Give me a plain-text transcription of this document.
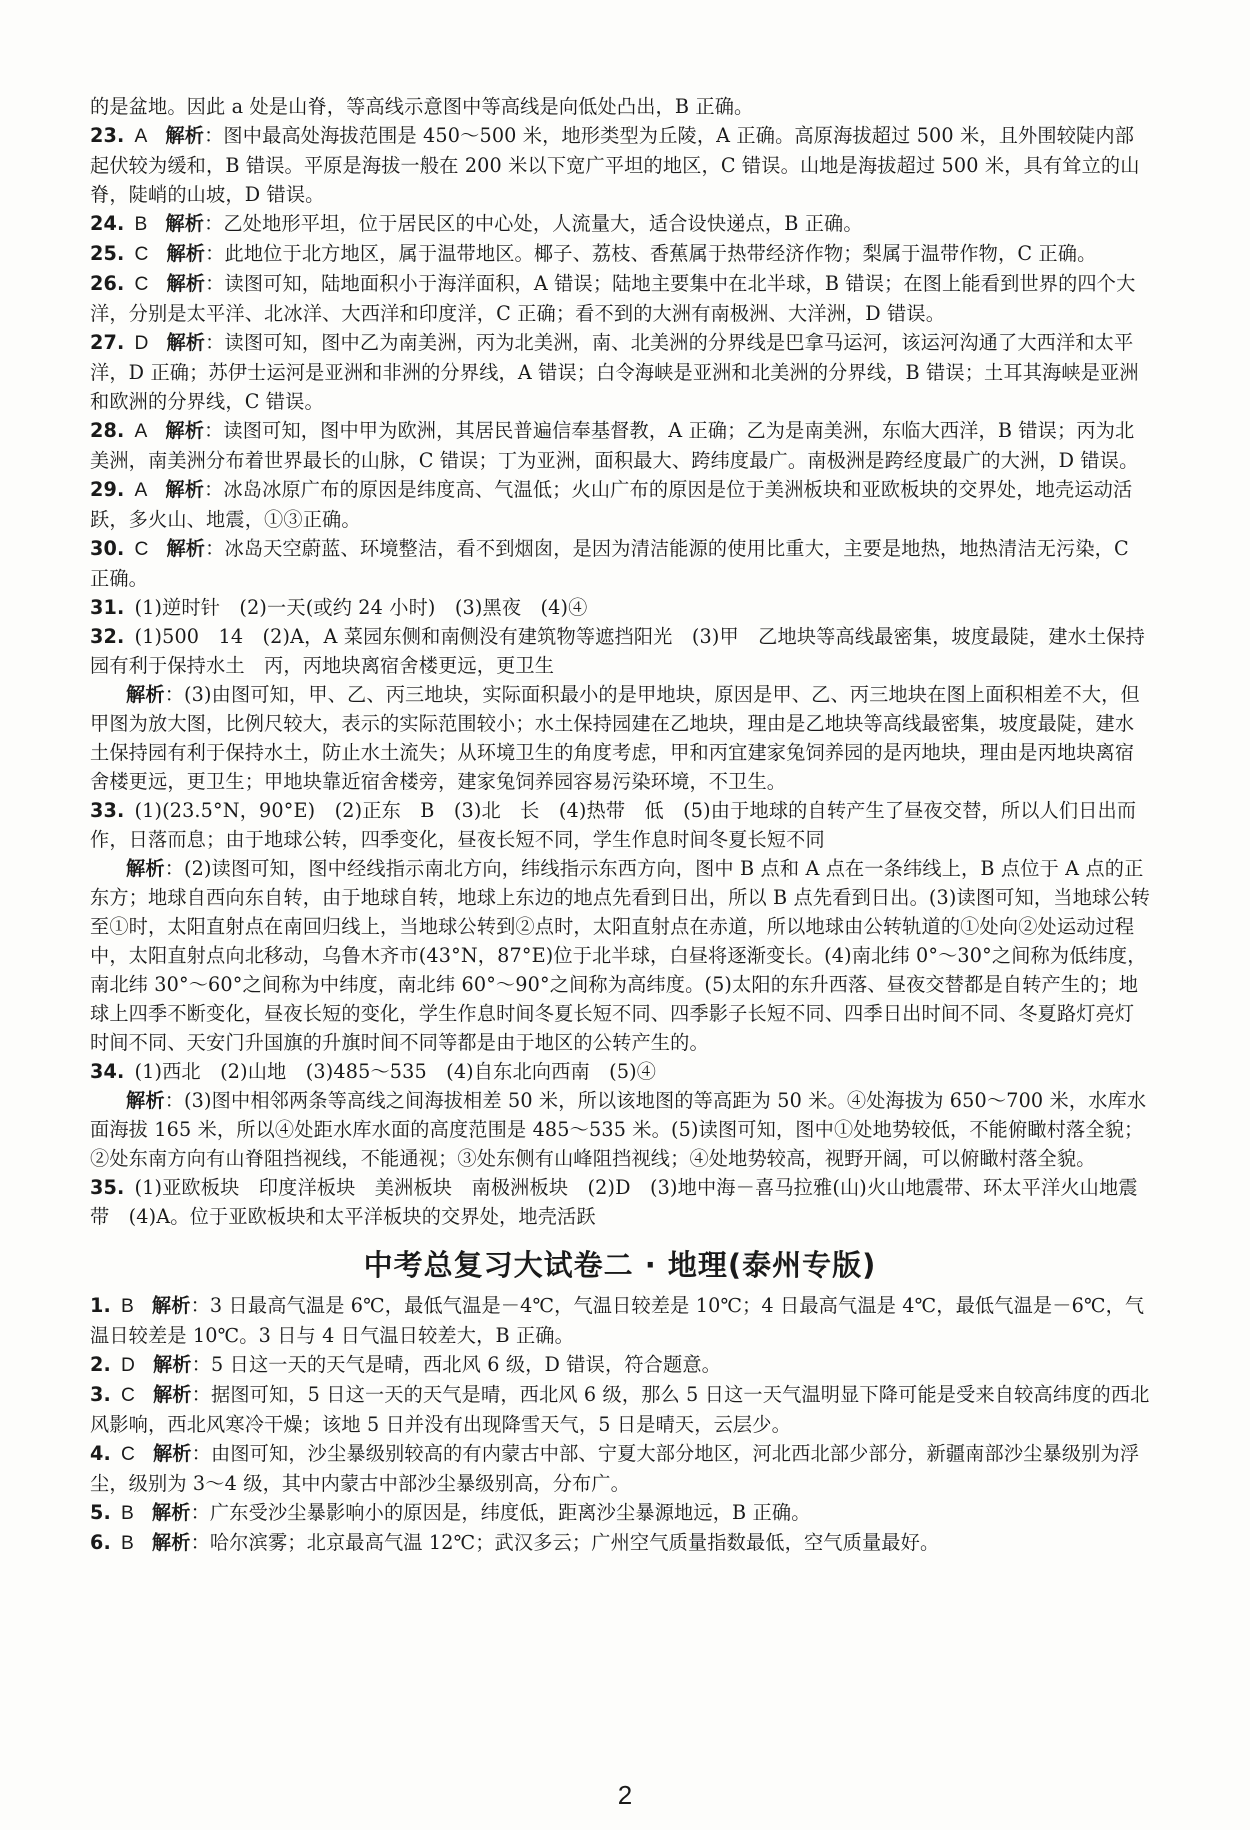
的是盆地。因此 a 处是山脊，等高线示意图中等高线是向低处凸出，B 正确。
23. A 解析：图中最高处海拔范围是 450～500 米，地形类型为丘陵，A 正确。高原海拔超过 500 米，且外围较陡内部起伏较为缓和，B 错误。平原是海拔一般在 200 米以下宽广平坦的地区，C 错误。山地是海拔超过 500 米，具有耸立的山脊，陡峭的山坡，D 错误。
24. B 解析：乙处地形平坦，位于居民区的中心处，人流量大，适合设快递点，B 正确。
25. C 解析：此地位于北方地区，属于温带地区。椰子、荔枝、香蕉属于热带经济作物；梨属于温带作物，C 正确。
26. C 解析：读图可知，陆地面积小于海洋面积，A 错误；陆地主要集中在北半球，B 错误；在图上能看到世界的四个大洋，分别是太平洋、北冰洋、大西洋和印度洋，C 正确；看不到的大洲有南极洲、大洋洲，D 错误。
27. D 解析：读图可知，图中乙为南美洲，丙为北美洲，南、北美洲的分界线是巴拿马运河，该运河沟通了大西洋和太平洋，D 正确；苏伊士运河是亚洲和非洲的分界线，A 错误；白令海峡是亚洲和北美洲的分界线，B 错误；土耳其海峡是亚洲和欧洲的分界线，C 错误。
28. A 解析：读图可知，图中甲为欧洲，其居民普遍信奉基督教，A 正确；乙为是南美洲，东临大西洋，B 错误；丙为北美洲，南美洲分布着世界最长的山脉，C 错误；丁为亚洲，面积最大、跨纬度最广。南极洲是跨经度最广的大洲，D 错误。
29. A 解析：冰岛冰原广布的原因是纬度高、气温低；火山广布的原因是位于美洲板块和亚欧板块的交界处，地壳运动活跃，多火山、地震，①③正确。
30. C 解析：冰岛天空蔚蓝、环境整洁，看不到烟囱，是因为清洁能源的使用比重大，主要是地热，地热清洁无污染，C 正确。
31. (1)逆时针　(2)一天(或约 24 小时)　(3)黑夜　(4)④
32. (1)500　14　(2)A，A 菜园东侧和南侧没有建筑物等遮挡阳光　(3)甲　乙地块等高线最密集，坡度最陡，建水土保持园有利于保持水土　丙，丙地块离宿舍楼更远，更卫生
解析：(3)由图可知，甲、乙、丙三地块，实际面积最小的是甲地块，原因是甲、乙、丙三地块在图上面积相差不大，但甲图为放大图，比例尺较大，表示的实际范围较小；水土保持园建在乙地块，理由是乙地块等高线最密集，坡度最陡，建水土保持园有利于保持水土，防止水土流失；从环境卫生的角度考虑，甲和丙宜建家兔饲养园的是丙地块，理由是丙地块离宿舍楼更远，更卫生；甲地块靠近宿舍楼旁，建家兔饲养园容易污染环境，不卫生。
33. (1)(23.5°N，90°E)　(2)正东　B　(3)北　长　(4)热带　低　(5)由于地球的自转产生了昼夜交替，所以人们日出而作，日落而息；由于地球公转，四季变化，昼夜长短不同，学生作息时间冬夏长短不同
解析：(2)读图可知，图中经线指示南北方向，纬线指示东西方向，图中 B 点和 A 点在一条纬线上，B 点位于 A 点的正东方；地球自西向东自转，由于地球自转，地球上东边的地点先看到日出，所以 B 点先看到日出。(3)读图可知，当地球公转至①时，太阳直射点在南回归线上，当地球公转到②点时，太阳直射点在赤道，所以地球由公转轨道的①处向②处运动过程中，太阳直射点向北移动，乌鲁木齐市(43°N，87°E)位于北半球，白昼将逐渐变长。(4)南北纬 0°～30°之间称为低纬度，南北纬 30°～60°之间称为中纬度，南北纬 60°～90°之间称为高纬度。(5)太阳的东升西落、昼夜交替都是自转产生的；地球上四季不断变化，昼夜长短的变化，学生作息时间冬夏长短不同、四季影子长短不同、四季日出时间不同、冬夏路灯亮灯时间不同、天安门升国旗的升旗时间不同等都是由于地区的公转产生的。
34. (1)西北　(2)山地　(3)485～535　(4)自东北向西南　(5)④
解析：(3)图中相邻两条等高线之间海拔相差 50 米，所以该地图的等高距为 50 米。④处海拔为 650～700 米，水库水面海拔 165 米，所以④处距水库水面的高度范围是 485～535 米。(5)读图可知，图中①处地势较低，不能俯瞰村落全貌；②处东南方向有山脊阻挡视线，不能通视；③处东侧有山峰阻挡视线；④处地势较高，视野开阔，可以俯瞰村落全貌。
35. (1)亚欧板块　印度洋板块　美洲板块　南极洲板块　(2)D　(3)地中海－喜马拉雅(山)火山地震带、环太平洋火山地震带　(4)A。位于亚欧板块和太平洋板块的交界处，地壳活跃
中考总复习大试卷二 · 地理(泰州专版)
1. B 解析：3 日最高气温是 6℃，最低气温是－4℃，气温日较差是 10℃；4 日最高气温是 4℃，最低气温是－6℃，气温日较差是 10℃。3 日与 4 日气温日较差大，B 正确。
2. D 解析：5 日这一天的天气是晴，西北风 6 级，D 错误，符合题意。
3. C 解析：据图可知，5 日这一天的天气是晴，西北风 6 级，那么 5 日这一天气温明显下降可能是受来自较高纬度的西北风影响，西北风寒冷干燥；该地 5 日并没有出现降雪天气，5 日是晴天，云层少。
4. C 解析：由图可知，沙尘暴级别较高的有内蒙古中部、宁夏大部分地区，河北西北部少部分，新疆南部沙尘暴级别为浮尘，级别为 3～4 级，其中内蒙古中部沙尘暴级别高，分布广。
5. B 解析：广东受沙尘暴影响小的原因是，纬度低，距离沙尘暴源地远，B 正确。
6. B 解析：哈尔滨雾；北京最高气温 12℃；武汉多云；广州空气质量指数最低，空气质量最好。
2
